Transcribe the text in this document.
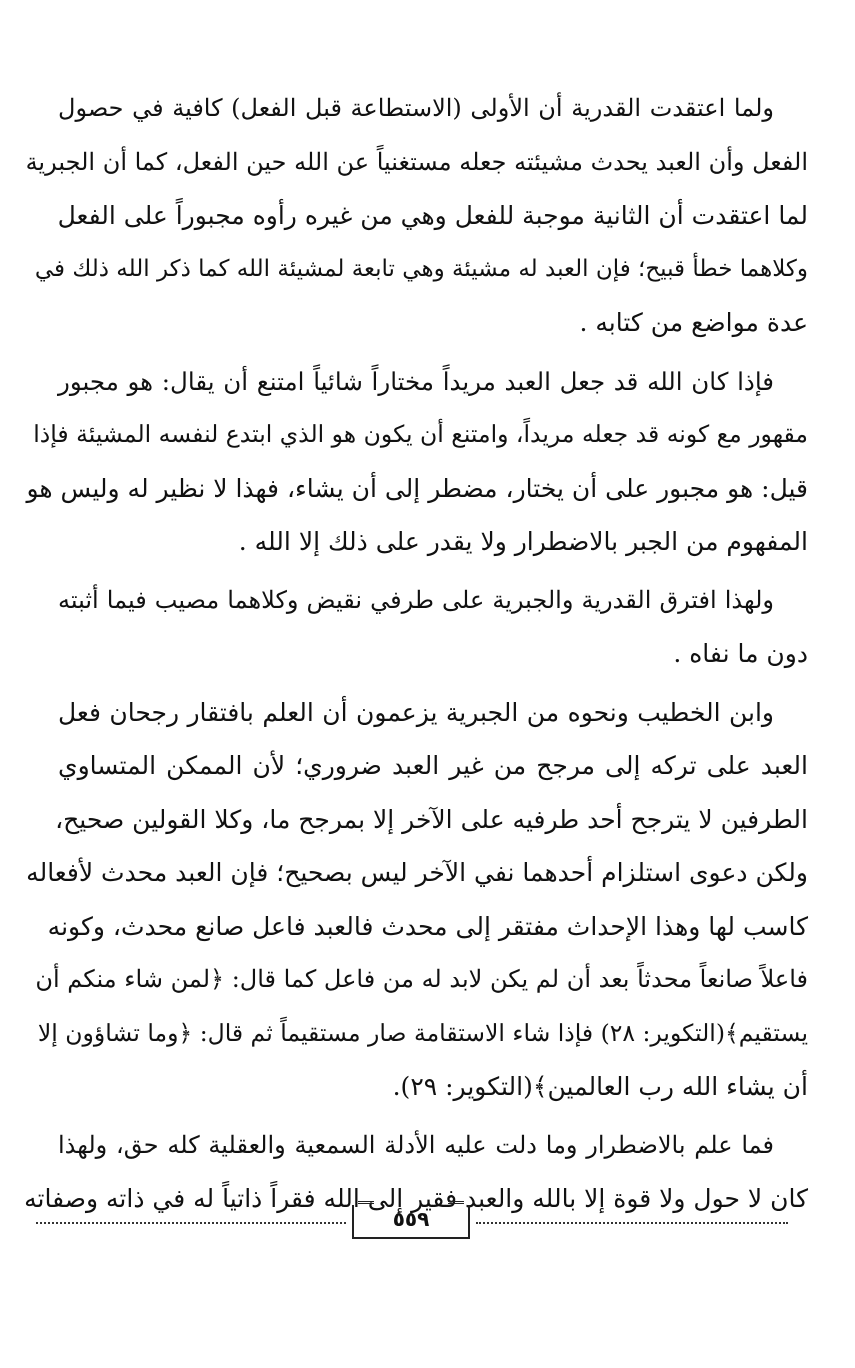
ولما اعتقدت القدرية أن الأولى (الاستطاعة قبل الفعل) كافية في حصول
الفعل وأن العبد يحدث مشيئته جعله مستغنياً عن الله حين الفعل، كما أن الجبرية
لما اعتقدت أن الثانية موجبة للفعل وهي من غيره رأوه مجبوراً على الفعل
وكلاهما خطأ قبيح؛ فإن العبد له مشيئة وهي تابعة لمشيئة الله كما ذكر الله ذلك في
عدة مواضع من كتابه .

فإذا كان الله قد جعل العبد مريداً مختاراً شائياً امتنع أن يقال: هو مجبور
مقهور مع كونه قد جعله مريداً، وامتنع أن يكون هو الذي ابتدع لنفسه المشيئة فإذا
قيل: هو مجبور على أن يختار، مضطر إلى أن يشاء، فهذا لا نظير له وليس هو
المفهوم من الجبر بالاضطرار ولا يقدر على ذلك إلا الله .

ولهذا افترق القدرية والجبرية على طرفي نقيض وكلاهما مصيب فيما أثبته
دون ما نفاه .

وابن الخطيب ونحوه من الجبرية يزعمون أن العلم بافتقار رجحان فعل
العبد على تركه إلى مرجح من غير العبد ضروري؛ لأن الممكن المتساوي
الطرفين لا يترجح أحد طرفيه على الآخر إلا بمرجح ما، وكلا القولين صحيح،
ولكن دعوى استلزام أحدهما نفي الآخر ليس بصحيح؛ فإن العبد محدث لأفعاله
كاسب لها وهذا الإحداث مفتقر إلى محدث فالعبد فاعل صانع محدث، وكونه
فاعلاً صانعاً محدثاً بعد أن لم يكن لابد له من فاعل كما قال: ﴿لمن شاء منكم أن
يستقيم﴾(التكوير: ٢٨) فإذا شاء الاستقامة صار مستقيماً ثم قال: ﴿وما تشاؤون إلا
أن يشاء الله رب العالمين﴾(التكوير: ٢٩).

فما علم بالاضطرار وما دلت عليه الأدلة السمعية والعقلية كله حق، ولهذا
كان لا حول ولا قوة إلا بالله والعبد فقير إلى الله فقراً ذاتياً له في ذاته وصفاته

٥٥٩
